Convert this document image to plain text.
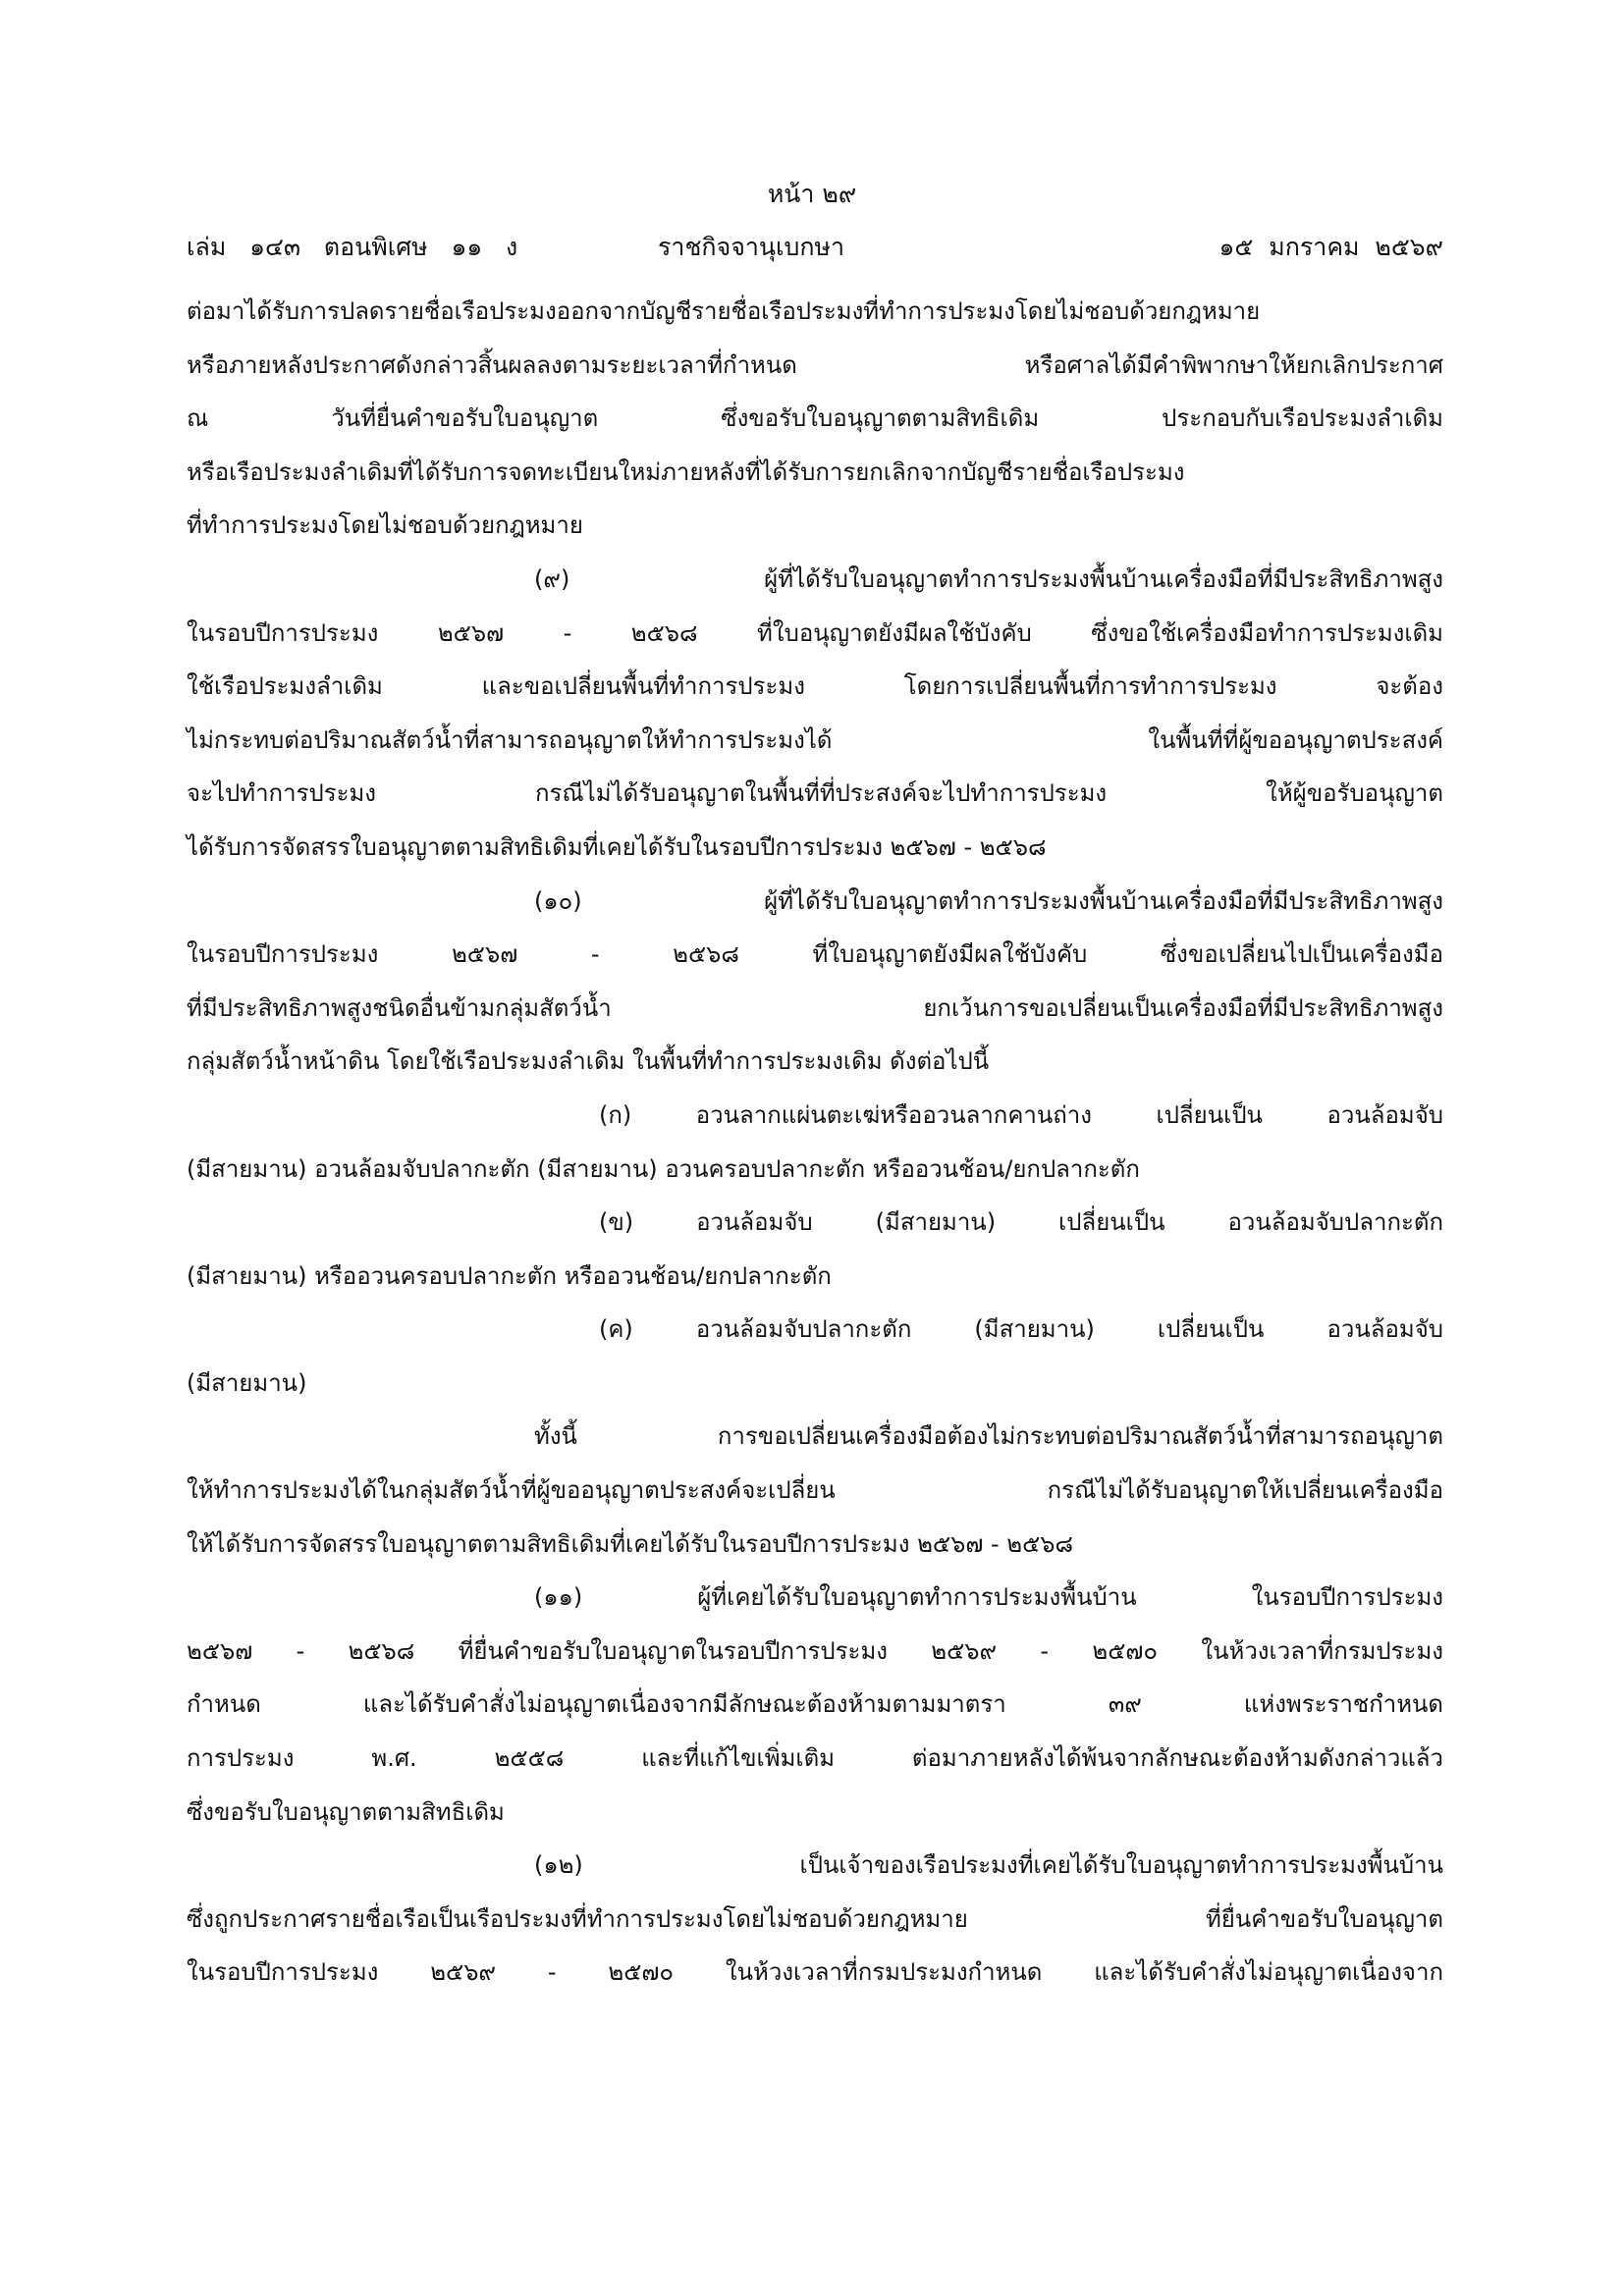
หน้า ๒๙

เล่ม   ๑๔๓   ตอนพิเศษ   ๑๑   ง

	ราชกิจจานุเบกษา

	๑๕  มกราคม  ๒๕๖๙

ต่อมาได้รับการปลดรายชื่อเรือประมงออกจากบัญชีรายชื่อเรือประมงที่ทำการประมงโดยไม่ชอบด้วยกฎหมาย
หรือภายหลังประกาศดังกล่าวสิ้นผลลงตามระยะเวลาที่กำหนด หรือศาลได้มีคำพิพากษาให้ยกเลิกประกาศ
ณ วันที่ยื่นคำขอรับใบอนุญาต ซึ่งขอรับใบอนุญาตตามสิทธิเดิม ประกอบกับเรือประมงลำเดิม
หรือเรือประมงลำเดิมที่ได้รับการจดทะเบียนใหม่ภายหลังที่ได้รับการยกเลิกจากบัญชีรายชื่อเรือประมง
ที่ทำการประมงโดยไม่ชอบด้วยกฎหมาย
(๙) ผู้ที่ได้รับใบอนุญาตทำการประมงพื้นบ้านเครื่องมือที่มีประสิทธิภาพสูง
ในรอบปีการประมง ๒๕๖๗ - ๒๕๖๘ ที่ใบอนุญาตยังมีผลใช้บังคับ ซึ่งขอใช้เครื่องมือทำการประมงเดิม
ใช้เรือประมงลำเดิม และขอเปลี่ยนพื้นที่ทำการประมง โดยการเปลี่ยนพื้นที่การทำการประมง จะต้อง
ไม่กระทบต่อปริมาณสัตว์น้ำที่สามารถอนุญาตให้ทำการประมงได้ ในพื้นที่ที่ผู้ขออนุญาตประสงค์
จะไปทำการประมง กรณีไม่ได้รับอนุญาตในพื้นที่ที่ประสงค์จะไปทำการประมง ให้ผู้ขอรับอนุญาต
ได้รับการจัดสรรใบอนุญาตตามสิทธิเดิมที่เคยได้รับในรอบปีการประมง ๒๕๖๗ - ๒๕๖๘
(๑๐) ผู้ที่ได้รับใบอนุญาตทำการประมงพื้นบ้านเครื่องมือที่มีประสิทธิภาพสูง
ในรอบปีการประมง ๒๕๖๗ - ๒๕๖๘ ที่ใบอนุญาตยังมีผลใช้บังคับ ซึ่งขอเปลี่ยนไปเป็นเครื่องมือ
ที่มีประสิทธิภาพสูงชนิดอื่นข้ามกลุ่มสัตว์น้ำ ยกเว้นการขอเปลี่ยนเป็นเครื่องมือที่มีประสิทธิภาพสูง
กลุ่มสัตว์น้ำหน้าดิน โดยใช้เรือประมงลำเดิม ในพื้นที่ทำการประมงเดิม ดังต่อไปนี้
(ก) อวนลากแผ่นตะเฆ่หรืออวนลากคานถ่าง เปลี่ยนเป็น อวนล้อมจับ
(มีสายมาน) อวนล้อมจับปลากะตัก (มีสายมาน) อวนครอบปลากะตัก หรืออวนช้อน/ยกปลากะตัก
(ข) อวนล้อมจับ (มีสายมาน) เปลี่ยนเป็น อวนล้อมจับปลากะตัก
(มีสายมาน) หรืออวนครอบปลากะตัก หรืออวนช้อน/ยกปลากะตัก
(ค) อวนล้อมจับปลากะตัก (มีสายมาน) เปลี่ยนเป็น อวนล้อมจับ
(มีสายมาน)
ทั้งนี้ การขอเปลี่ยนเครื่องมือต้องไม่กระทบต่อปริมาณสัตว์น้ำที่สามารถอนุญาต
ให้ทำการประมงได้ในกลุ่มสัตว์น้ำที่ผู้ขออนุญาตประสงค์จะเปลี่ยน กรณีไม่ได้รับอนุญาตให้เปลี่ยนเครื่องมือ
ให้ได้รับการจัดสรรใบอนุญาตตามสิทธิเดิมที่เคยได้รับในรอบปีการประมง ๒๕๖๗ - ๒๕๖๘
(๑๑) ผู้ที่เคยได้รับใบอนุญาตทำการประมงพื้นบ้าน ในรอบปีการประมง
๒๕๖๗ - ๒๕๖๘ ที่ยื่นคำขอรับใบอนุญาตในรอบปีการประมง ๒๕๖๙ - ๒๕๗๐ ในห้วงเวลาที่กรมประมง
กำหนด และได้รับคำสั่งไม่อนุญาตเนื่องจากมีลักษณะต้องห้ามตามมาตรา ๓๙ แห่งพระราชกำหนด
การประมง พ.ศ. ๒๕๕๘ และที่แก้ไขเพิ่มเติม ต่อมาภายหลังได้พ้นจากลักษณะต้องห้ามดังกล่าวแล้ว
ซึ่งขอรับใบอนุญาตตามสิทธิเดิม
(๑๒) เป็นเจ้าของเรือประมงที่เคยได้รับใบอนุญาตทำการประมงพื้นบ้าน
ซึ่งถูกประกาศรายชื่อเรือเป็นเรือประมงที่ทำการประมงโดยไม่ชอบด้วยกฎหมาย ที่ยื่นคำขอรับใบอนุญาต
ในรอบปีการประมง ๒๕๖๙ - ๒๕๗๐ ในห้วงเวลาที่กรมประมงกำหนด และได้รับคำสั่งไม่อนุญาตเนื่องจาก
